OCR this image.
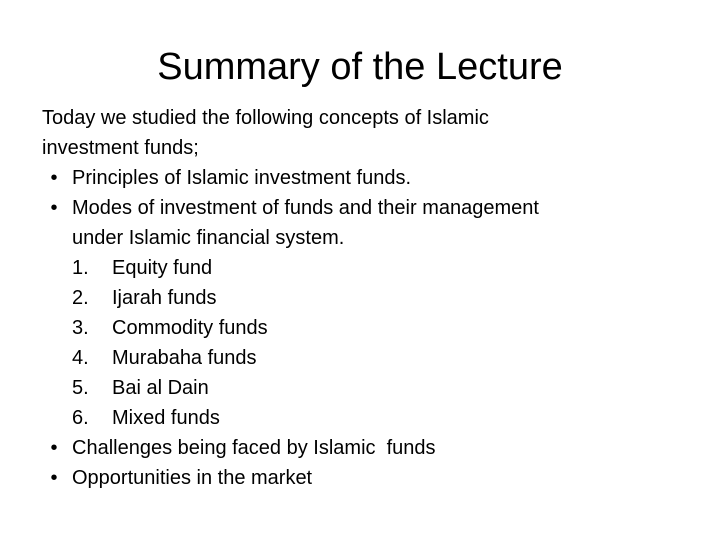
Summary of the Lecture
Today we studied the following concepts of Islamic
investment funds;
• Principles of Islamic investment funds.
• Modes of investment of funds and their management
under Islamic financial system.
1.	Equity fund
2.	Ijarah funds
3.	Commodity funds
4.	Murabaha funds
5.	Bai al Dain
6.	Mixed funds
• Challenges being faced by Islamic  funds
• Opportunities in the market
